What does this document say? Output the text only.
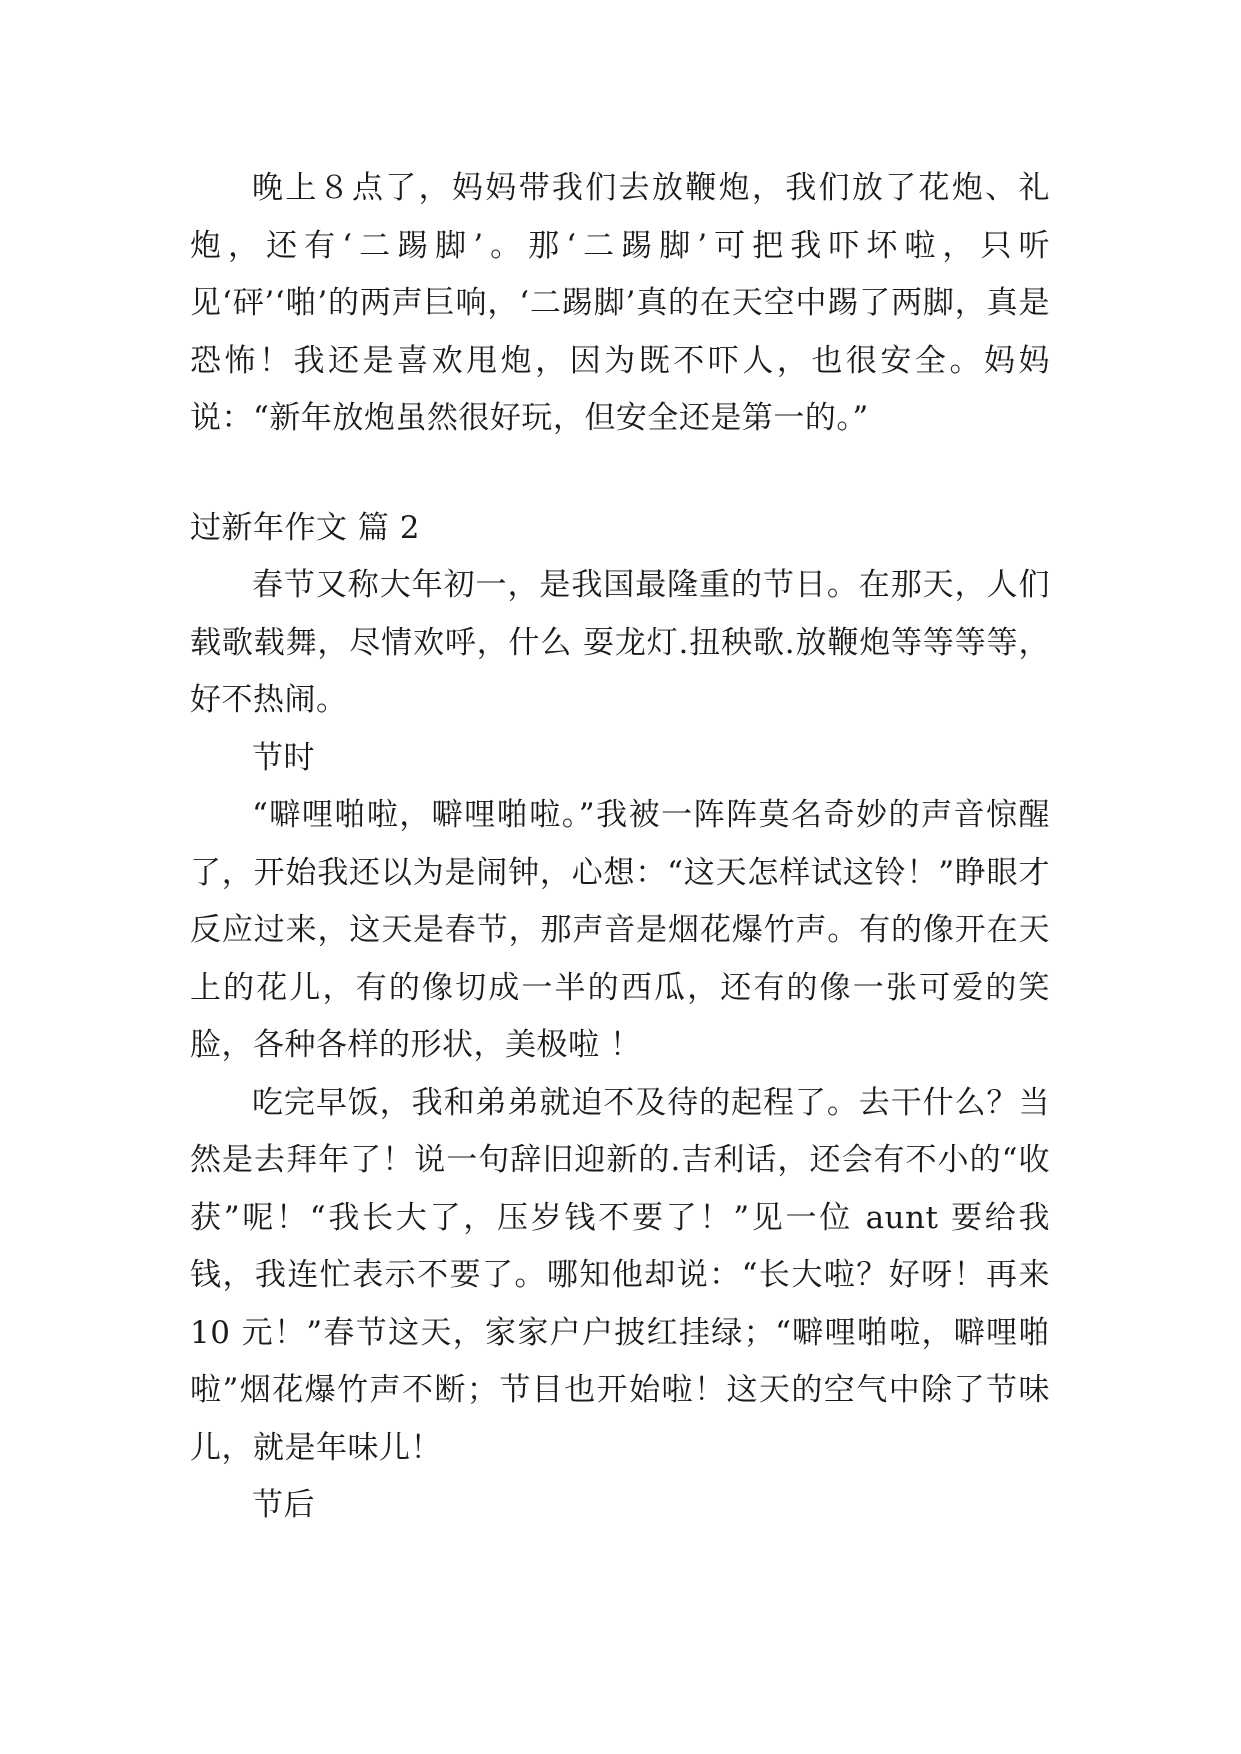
晚上８点了，妈妈带我们去放鞭炮，我们放了花炮、礼炮，还有‘二踢脚’。那‘二踢脚’可把我吓坏啦，只听见‘砰’‘啪’的两声巨响，‘二踢脚’真的在天空中踢了两脚，真是恐怖！我还是喜欢甩炮，因为既不吓人，也很安全。妈妈说：“新年放炮虽然很好玩，但安全还是第一的。”

过新年作文 篇 2

春节又称大年初一，是我国最隆重的节日。在那天，人们载歌载舞，尽情欢呼，什么 耍龙灯.扭秧歌.放鞭炮等等等等，好不热闹。

节时

“噼哩啪啦，噼哩啪啦。”我被一阵阵莫名奇妙的声音惊醒了，开始我还以为是闹钟，心想：“这天怎样试这铃！”睁眼才反应过来，这天是春节，那声音是烟花爆竹声。有的像开在天上的花儿，有的像切成一半的西瓜，还有的像一张可爱的笑脸，各种各样的形状，美极啦 ！

吃完早饭，我和弟弟就迫不及待的起程了。去干什么？当然是去拜年了！说一句辞旧迎新的.吉利话，还会有不小的“收获”呢！“我长大了，压岁钱不要了！”见一位 aunt 要给我钱，我连忙表示不要了。哪知他却说：“长大啦？好呀！再来 10 元！”春节这天，家家户户披红挂绿；“噼哩啪啦，噼哩啪啦”烟花爆竹声不断；节目也开始啦！这天的空气中除了节味儿，就是年味儿！

节后
